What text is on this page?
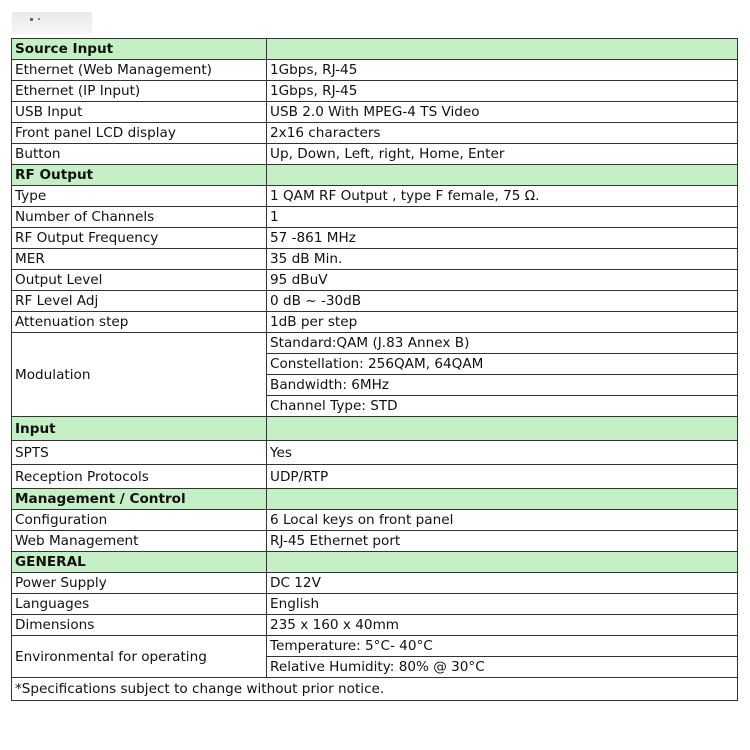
Source Input	
Ethernet (Web Management)	1Gbps, RJ-45
Ethernet (IP Input)	1Gbps, RJ-45
USB Input	USB 2.0 With MPEG-4 TS Video
Front panel LCD display	2x16 characters
Button	Up, Down, Left, right, Home, Enter
RF Output	
Type	1 QAM RF Output , type F female, 75 Ω.
Number of Channels	1
RF Output Frequency	57 -861 MHz
MER	35 dB Min.
Output Level	95 dBuV
RF Level Adj	0 dB ~ -30dB
Attenuation step	1dB per step
Modulation	Standard:QAM (J.83 Annex B)
	Constellation: 256QAM, 64QAM
	Bandwidth: 6MHz
	Channel Type: STD
Input	
SPTS	Yes
Reception Protocols	UDP/RTP
Management / Control	
Configuration	6 Local keys on front panel
Web Management	RJ-45 Ethernet port
GENERAL	
Power Supply	DC 12V
Languages	English
Dimensions	235 x 160 x 40mm
Environmental for operating	Temperature: 5°C- 40°C
	Relative Humidity: 80% @ 30°C
*Specifications subject to change without prior notice.	
